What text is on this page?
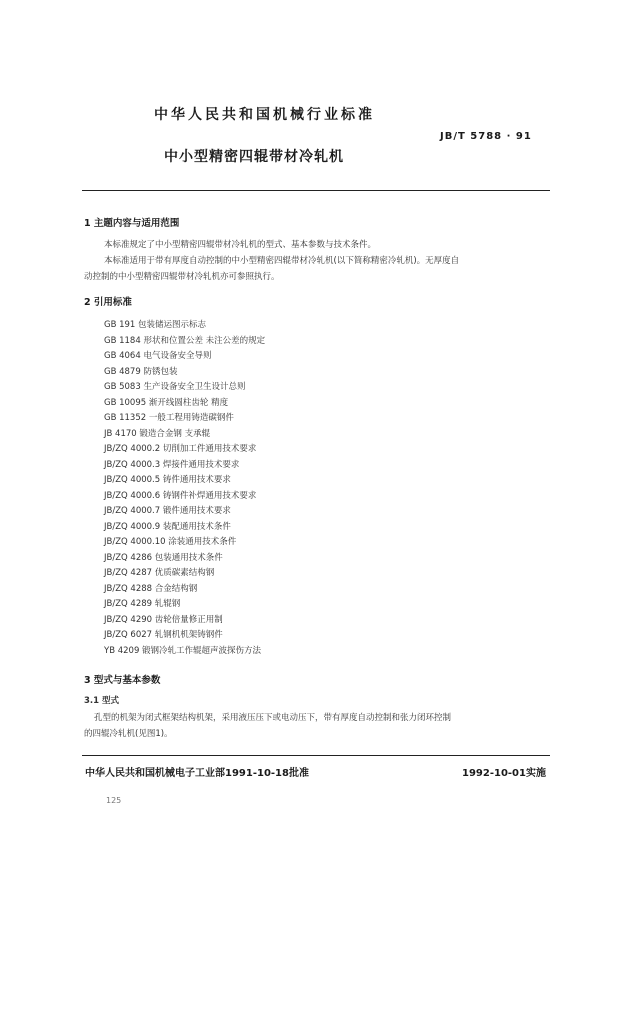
中华人民共和国机械行业标准
JB/T 5788 · 91
中小型精密四辊带材冷轧机
1 主题内容与适用范围
本标准规定了中小型精密四辊带材冷轧机的型式、基本参数与技术条件。
本标准适用于带有厚度自动控制的中小型精密四辊带材冷轧机(以下简称精密冷轧机)。无厚度自
动控制的中小型精密四辊带材冷轧机亦可参照执行。
2 引用标准
GB 191 包装储运图示标志
GB 1184 形状和位置公差 未注公差的规定
GB 4064 电气设备安全导则
GB 4879 防锈包装
GB 5083 生产设备安全卫生设计总则
GB 10095 渐开线圆柱齿轮 精度
GB 11352 一般工程用铸造碳钢件
JB 4170 锻造合金钢 支承辊
JB/ZQ 4000.2 切削加工件通用技术要求
JB/ZQ 4000.3 焊接件通用技术要求
JB/ZQ 4000.5 铸件通用技术要求
JB/ZQ 4000.6 铸钢件补焊通用技术要求
JB/ZQ 4000.7 锻件通用技术要求
JB/ZQ 4000.9 装配通用技术条件
JB/ZQ 4000.10 涂装通用技术条件
JB/ZQ 4286 包装通用技术条件
JB/ZQ 4287 优质碳素结构钢
JB/ZQ 4288 合金结构钢
JB/ZQ 4289 轧辊钢
JB/ZQ 4290 齿轮倍量修正用制
JB/ZQ 6027 轧钢机机架铸钢件
YB 4209 锻钢冷轧工作辊超声波探伤方法
3 型式与基本参数
3.1 型式
孔型的机架为闭式框架结构机架，采用液压压下或电动压下，带有厚度自动控制和张力闭环控制
的四辊冷轧机(见图1)。
中华人民共和国机械电子工业部1991-10-18批准	1992-10-01实施
125
